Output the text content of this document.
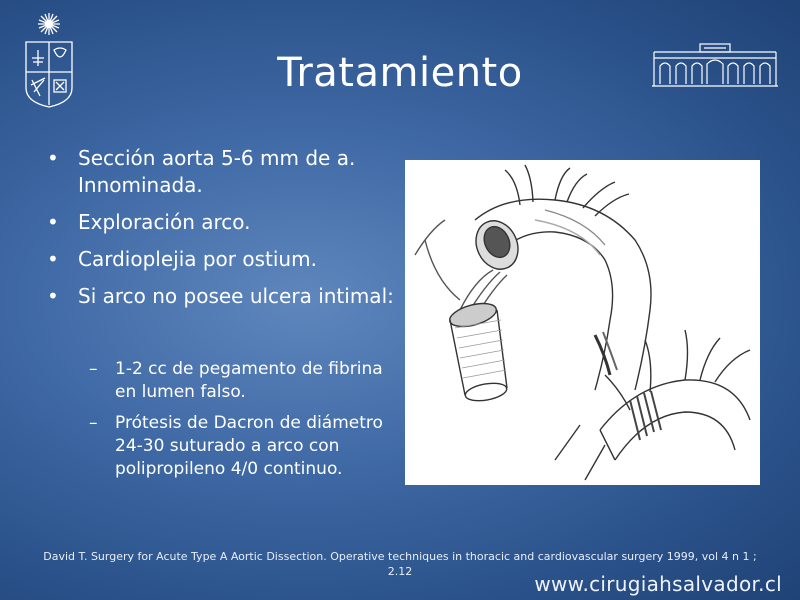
Tratamiento
• Sección aorta 5-6 mm de a. Innominada.
• Exploración arco.
• Cardioplejia por ostium.
• Si arco no posee ulcera intimal:
– 1-2 cc de pegamento de fibrina en lumen falso.
– Prótesis de Dacron de diámetro 24-30 suturado a arco con polipropileno 4/0 continuo.
David T. Surgery for Acute Type A Aortic Dissection. Operative techniques in thoracic and cardiovascular surgery 1999, vol 4 n 1 ; 2.12
www.cirugiahsalvador.cl
